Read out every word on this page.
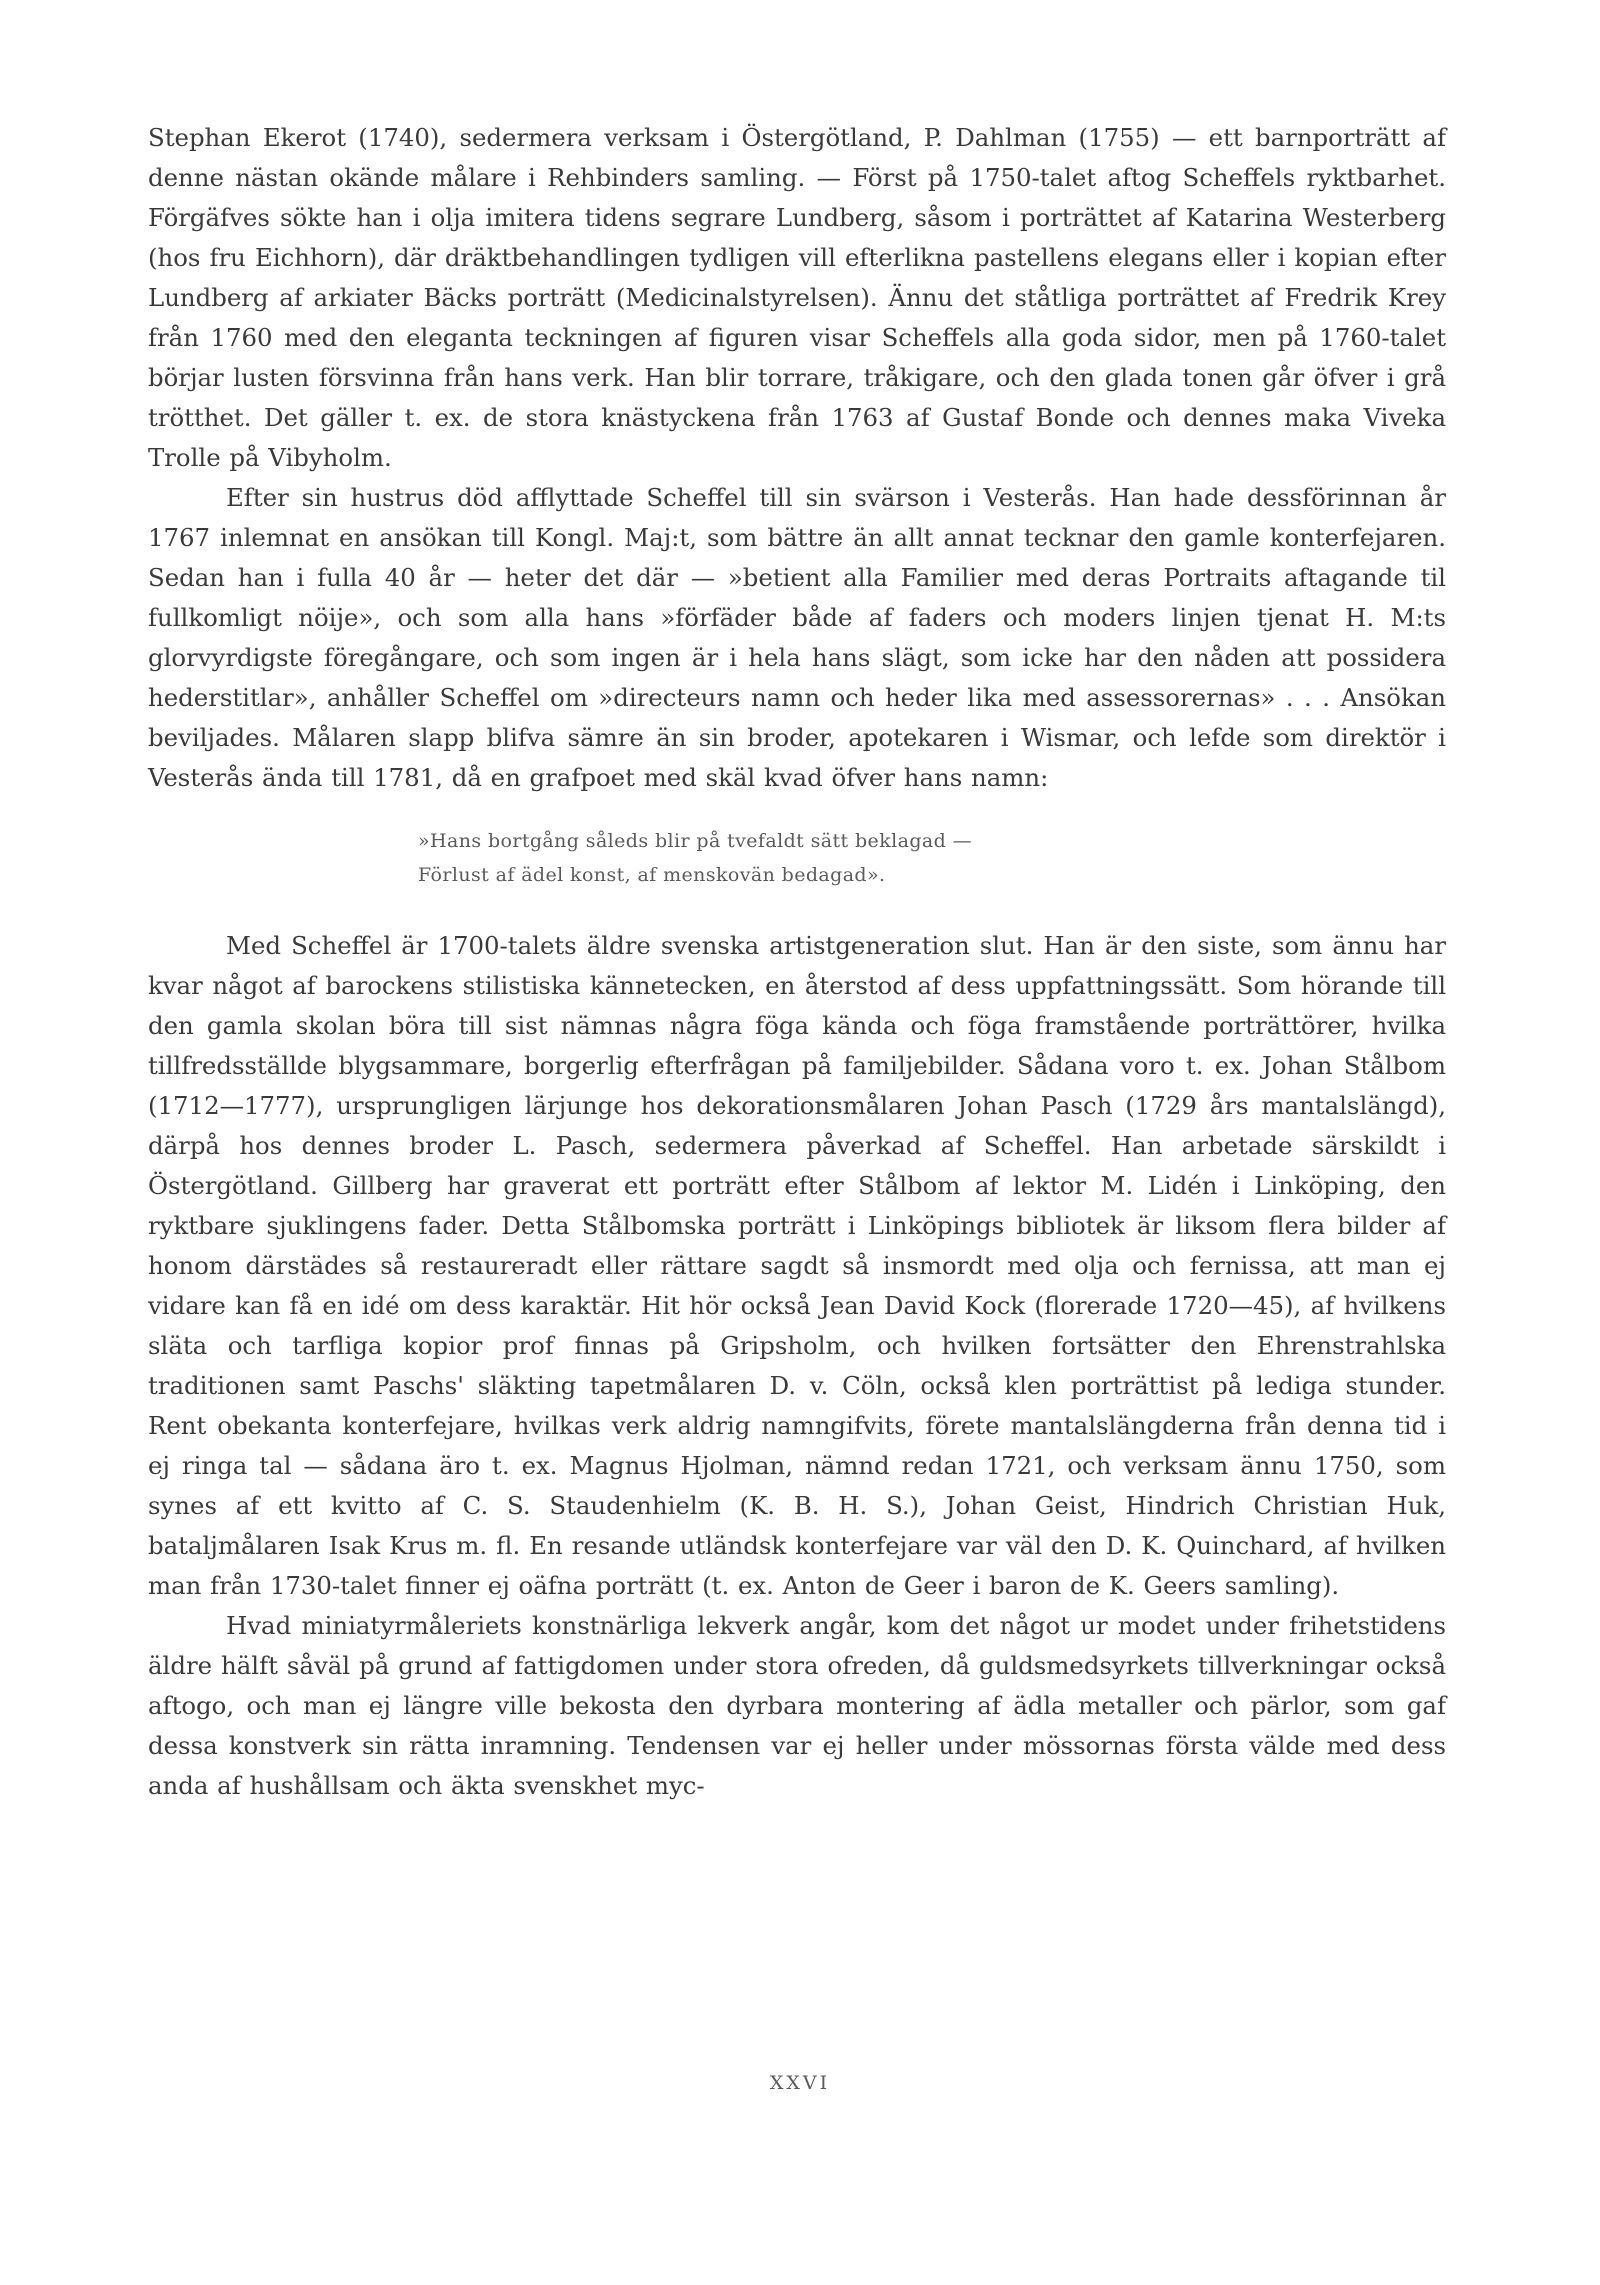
Stephan Ekerot (1740), sedermera verksam i Östergötland, P. Dahlman (1755) — ett barnporträtt af denne nästan okände målare i Rehbinders samling. — Först på 1750-talet aftog Scheffels ryktbarhet. Förgäfves sökte han i olja imitera tidens segrare Lundberg, såsom i porträttet af Katarina Westerberg (hos fru Eichhorn), där dräktbehandlingen tydligen vill efterlikna pastellens elegans eller i kopian efter Lundberg af arkiater Bäcks porträtt (Medicinalstyrelsen). Ännu det ståtliga porträttet af Fredrik Krey från 1760 med den eleganta teckningen af figuren visar Scheffels alla goda sidor, men på 1760-talet börjar lusten försvinna från hans verk. Han blir torrare, tråkigare, och den glada tonen går öfver i grå trötthet. Det gäller t. ex. de stora knästyckena från 1763 af Gustaf Bonde och dennes maka Viveka Trolle på Vibyholm.

Efter sin hustrus död afflyttade Scheffel till sin svärson i Vesterås. Han hade dessförinnan år 1767 inlemnat en ansökan till Kongl. Maj:t, som bättre än allt annat tecknar den gamle konterfejaren. Sedan han i fulla 40 år — heter det där — »betient alla Familier med deras Portraits aftagande til fullkomligt nöije», och som alla hans »förfäder både af faders och moders linjen tjenat H. M:ts glorvyrdigste föregångare, och som ingen är i hela hans slägt, som icke har den nåden att possidera hederstitlar», anhåller Scheffel om »directeurs namn och heder lika med assessorernas» . . . Ansökan beviljades. Målaren slapp blifva sämre än sin broder, apotekaren i Wismar, och lefde som direktör i Vesterås ända till 1781, då en grafpoet med skäl kvad öfver hans namn:

»Hans bortgång såleds blir på tvefaldt sätt beklagad —
Förlust af ädel konst, af menskovän bedagad».

Med Scheffel är 1700-talets äldre svenska artistgeneration slut. Han är den siste, som ännu har kvar något af barockens stilistiska kännetecken, en återstod af dess uppfattningssätt. Som hörande till den gamla skolan böra till sist nämnas några föga kända och föga framstående porträttörer, hvilka tillfredsställde blygsammare, borgerlig efterfrågan på familjebilder. Sådana voro t. ex. Johan Stålbom (1712—1777), ursprungligen lärjunge hos dekorationsmålaren Johan Pasch (1729 års mantalslängd), därpå hos dennes broder L. Pasch, sedermera påverkad af Scheffel. Han arbetade särskildt i Östergötland. Gillberg har graverat ett porträtt efter Stålbom af lektor M. Lidén i Linköping, den ryktbare sjuklingens fader. Detta Stålbomska porträtt i Linköpings bibliotek är liksom flera bilder af honom därstädes så restaureradt eller rättare sagdt så insmordt med olja och fernissa, att man ej vidare kan få en idé om dess karaktär. Hit hör också Jean David Kock (florerade 1720—45), af hvilkens släta och tarfliga kopior prof finnas på Gripsholm, och hvilken fortsätter den Ehrenstrahlska traditionen samt Paschs' släkting tapetmålaren D. v. Cöln, också klen porträttist på lediga stunder. Rent obekanta konterfejare, hvilkas verk aldrig namngifvits, förete mantalslängderna från denna tid i ej ringa tal — sådana äro t. ex. Magnus Hjolman, nämnd redan 1721, och verksam ännu 1750, som synes af ett kvitto af C. S. Staudenhielm (K. B. H. S.), Johan Geist, Hindrich Christian Huk, bataljmålaren Isak Krus m. fl. En resande utländsk konterfejare var väl den D. K. Quinchard, af hvilken man från 1730-talet finner ej oäfna porträtt (t. ex. Anton de Geer i baron de K. Geers samling).

Hvad miniatyrmåleriets konstnärliga lekverk angår, kom det något ur modet under frihetstidens äldre hälft såväl på grund af fattigdomen under stora ofreden, då guldsmedsyrkets tillverkningar också aftogo, och man ej längre ville bekosta den dyrbara montering af ädla metaller och pärlor, som gaf dessa konstverk sin rätta inramning. Tendensen var ej heller under mössornas första välde med dess anda af hushållsam och äkta svenskhet myc-

XXVI
